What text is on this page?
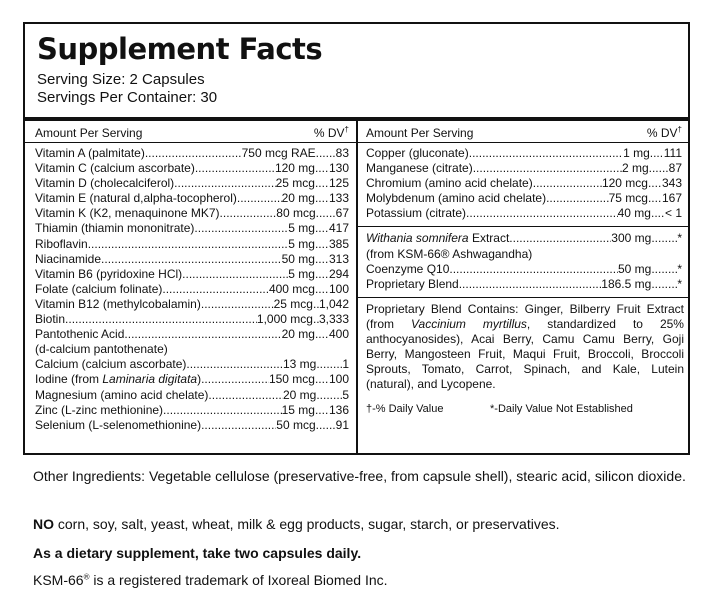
Supplement Facts
Serving Size: 2 Capsules
Servings Per Container: 30
Amount Per Serving	% DV†
Vitamin A (palmitate) .....	750 mcg RAE ..... 83
Vitamin C (calcium ascorbate) .....	120 mg ..... 130
Vitamin D (cholecalciferol) .....	25 mcg ..... 125
Vitamin E (natural d,alpha-tocopherol) .....	20 mg ..... 133
Vitamin K (K2, menaquinone MK7) .....	80 mcg ..... 67
Thiamin (thiamin mononitrate) .....	5 mg ..... 417
Riboflavin .....	5 mg ..... 385
Niacinamide .....	50 mg ..... 313
Vitamin B6 (pyridoxine HCl) .....	5 mg ..... 294
Folate (calcium folinate) .....	400 mcg ..... 100
Vitamin B12 (methylcobalamin) .....	25 mcg ..... 1,042
Biotin .....	1,000 mcg ..... 3,333
Pantothenic Acid .....	20 mg ..... 400
(d-calcium pantothenate)
Calcium (calcium ascorbate) .....	13 mg ..... 1
Iodine (from Laminaria digitata) .....	150 mcg ..... 100
Magnesium (amino acid chelate) .....	20 mg ..... 5
Zinc (L-zinc methionine) .....	15 mg ..... 136
Selenium (L-selenomethionine) .....	50 mcg ..... 91
Amount Per Serving	% DV†
Copper (gluconate) .....	1 mg ..... 111
Manganese (citrate) .....	2 mg ..... 87
Chromium (amino acid chelate) .....	120 mcg ..... 343
Molybdenum (amino acid chelate) .....	75 mcg ..... 167
Potassium (citrate) .....	40 mg ..... < 1
Withania somnifera Extract .....	300 mg ..... *
(from KSM-66® Ashwagandha)
Coenzyme Q10 .....	50 mg ..... *
Proprietary Blend .....	186.5 mg ..... *
Proprietary Blend Contains: Ginger, Bilberry Fruit Extract (from Vaccinium myrtillus, standardized to 25% anthocyanosides), Acai Berry, Camu Camu Berry, Goji Berry, Mangosteen Fruit, Maqui Fruit, Broccoli, Broccoli Sprouts, Tomato, Carrot, Spinach, and Kale, Lutein (natural), and Lycopene.
†-% Daily Value	*-Daily Value Not Established
Other Ingredients: Vegetable cellulose (preservative-free, from capsule shell), stearic acid, silicon dioxide.
NO corn, soy, salt, yeast, wheat, milk & egg products, sugar, starch, or preservatives.
As a dietary supplement, take two capsules daily.
KSM-66® is a registered trademark of Ixoreal Biomed Inc.
